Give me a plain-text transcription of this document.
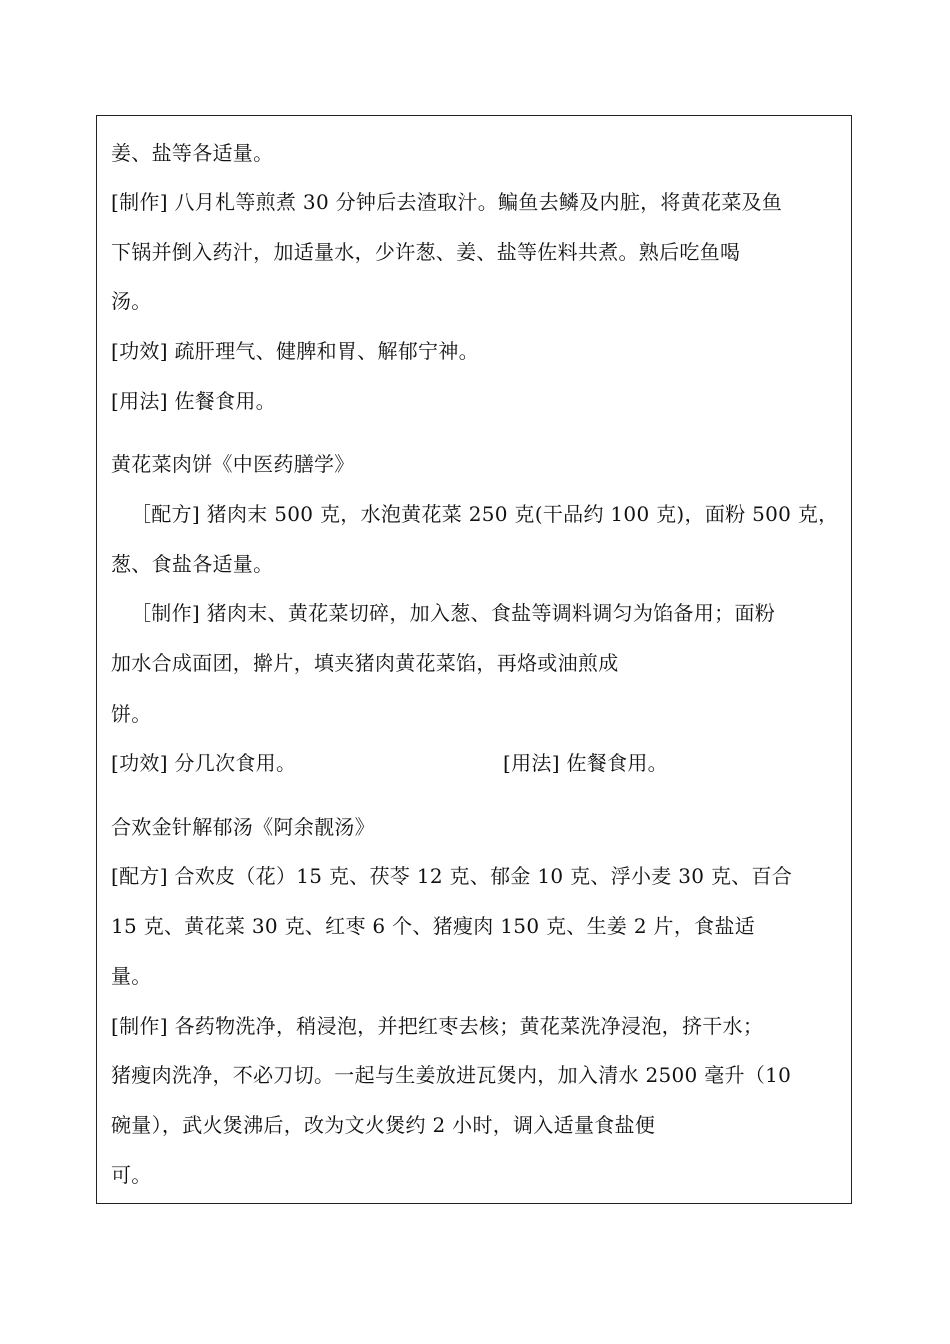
姜、盐等各适量。
[制作] 八月札等煎煮 30 分钟后去渣取汁。鳊鱼去鳞及内脏，将黄花菜及鱼
下锅并倒入药汁，加适量水，少许葱、姜、盐等佐料共煮。熟后吃鱼喝
汤。
[功效] 疏肝理气、健脾和胃、解郁宁神。
[用法] 佐餐食用。
黄花菜肉饼《中医药膳学》
［配方] 猪肉末 500 克，水泡黄花菜 250 克(干品约 100 克)，面粉 500 克，
葱、食盐各适量。
［制作] 猪肉末、黄花菜切碎，加入葱、食盐等调料调匀为馅备用；面粉
加水合成面团，擀片，填夹猪肉黄花菜馅，再烙或油煎成
饼。
[功效] 分几次食用。	[用法] 佐餐食用。
合欢金针解郁汤《阿余靓汤》
[配方] 合欢皮（花）15 克、茯苓 12 克、郁金 10 克、浮小麦 30 克、百合
15 克、黄花菜 30 克、红枣 6 个、猪瘦肉 150 克、生姜 2 片，食盐适
量。
[制作] 各药物洗净，稍浸泡，并把红枣去核；黄花菜洗净浸泡，挤干水；
猪瘦肉洗净，不必刀切。一起与生姜放进瓦煲内，加入清水 2500 毫升（10
碗量），武火煲沸后，改为文火煲约 2 小时，调入适量食盐便
可。
